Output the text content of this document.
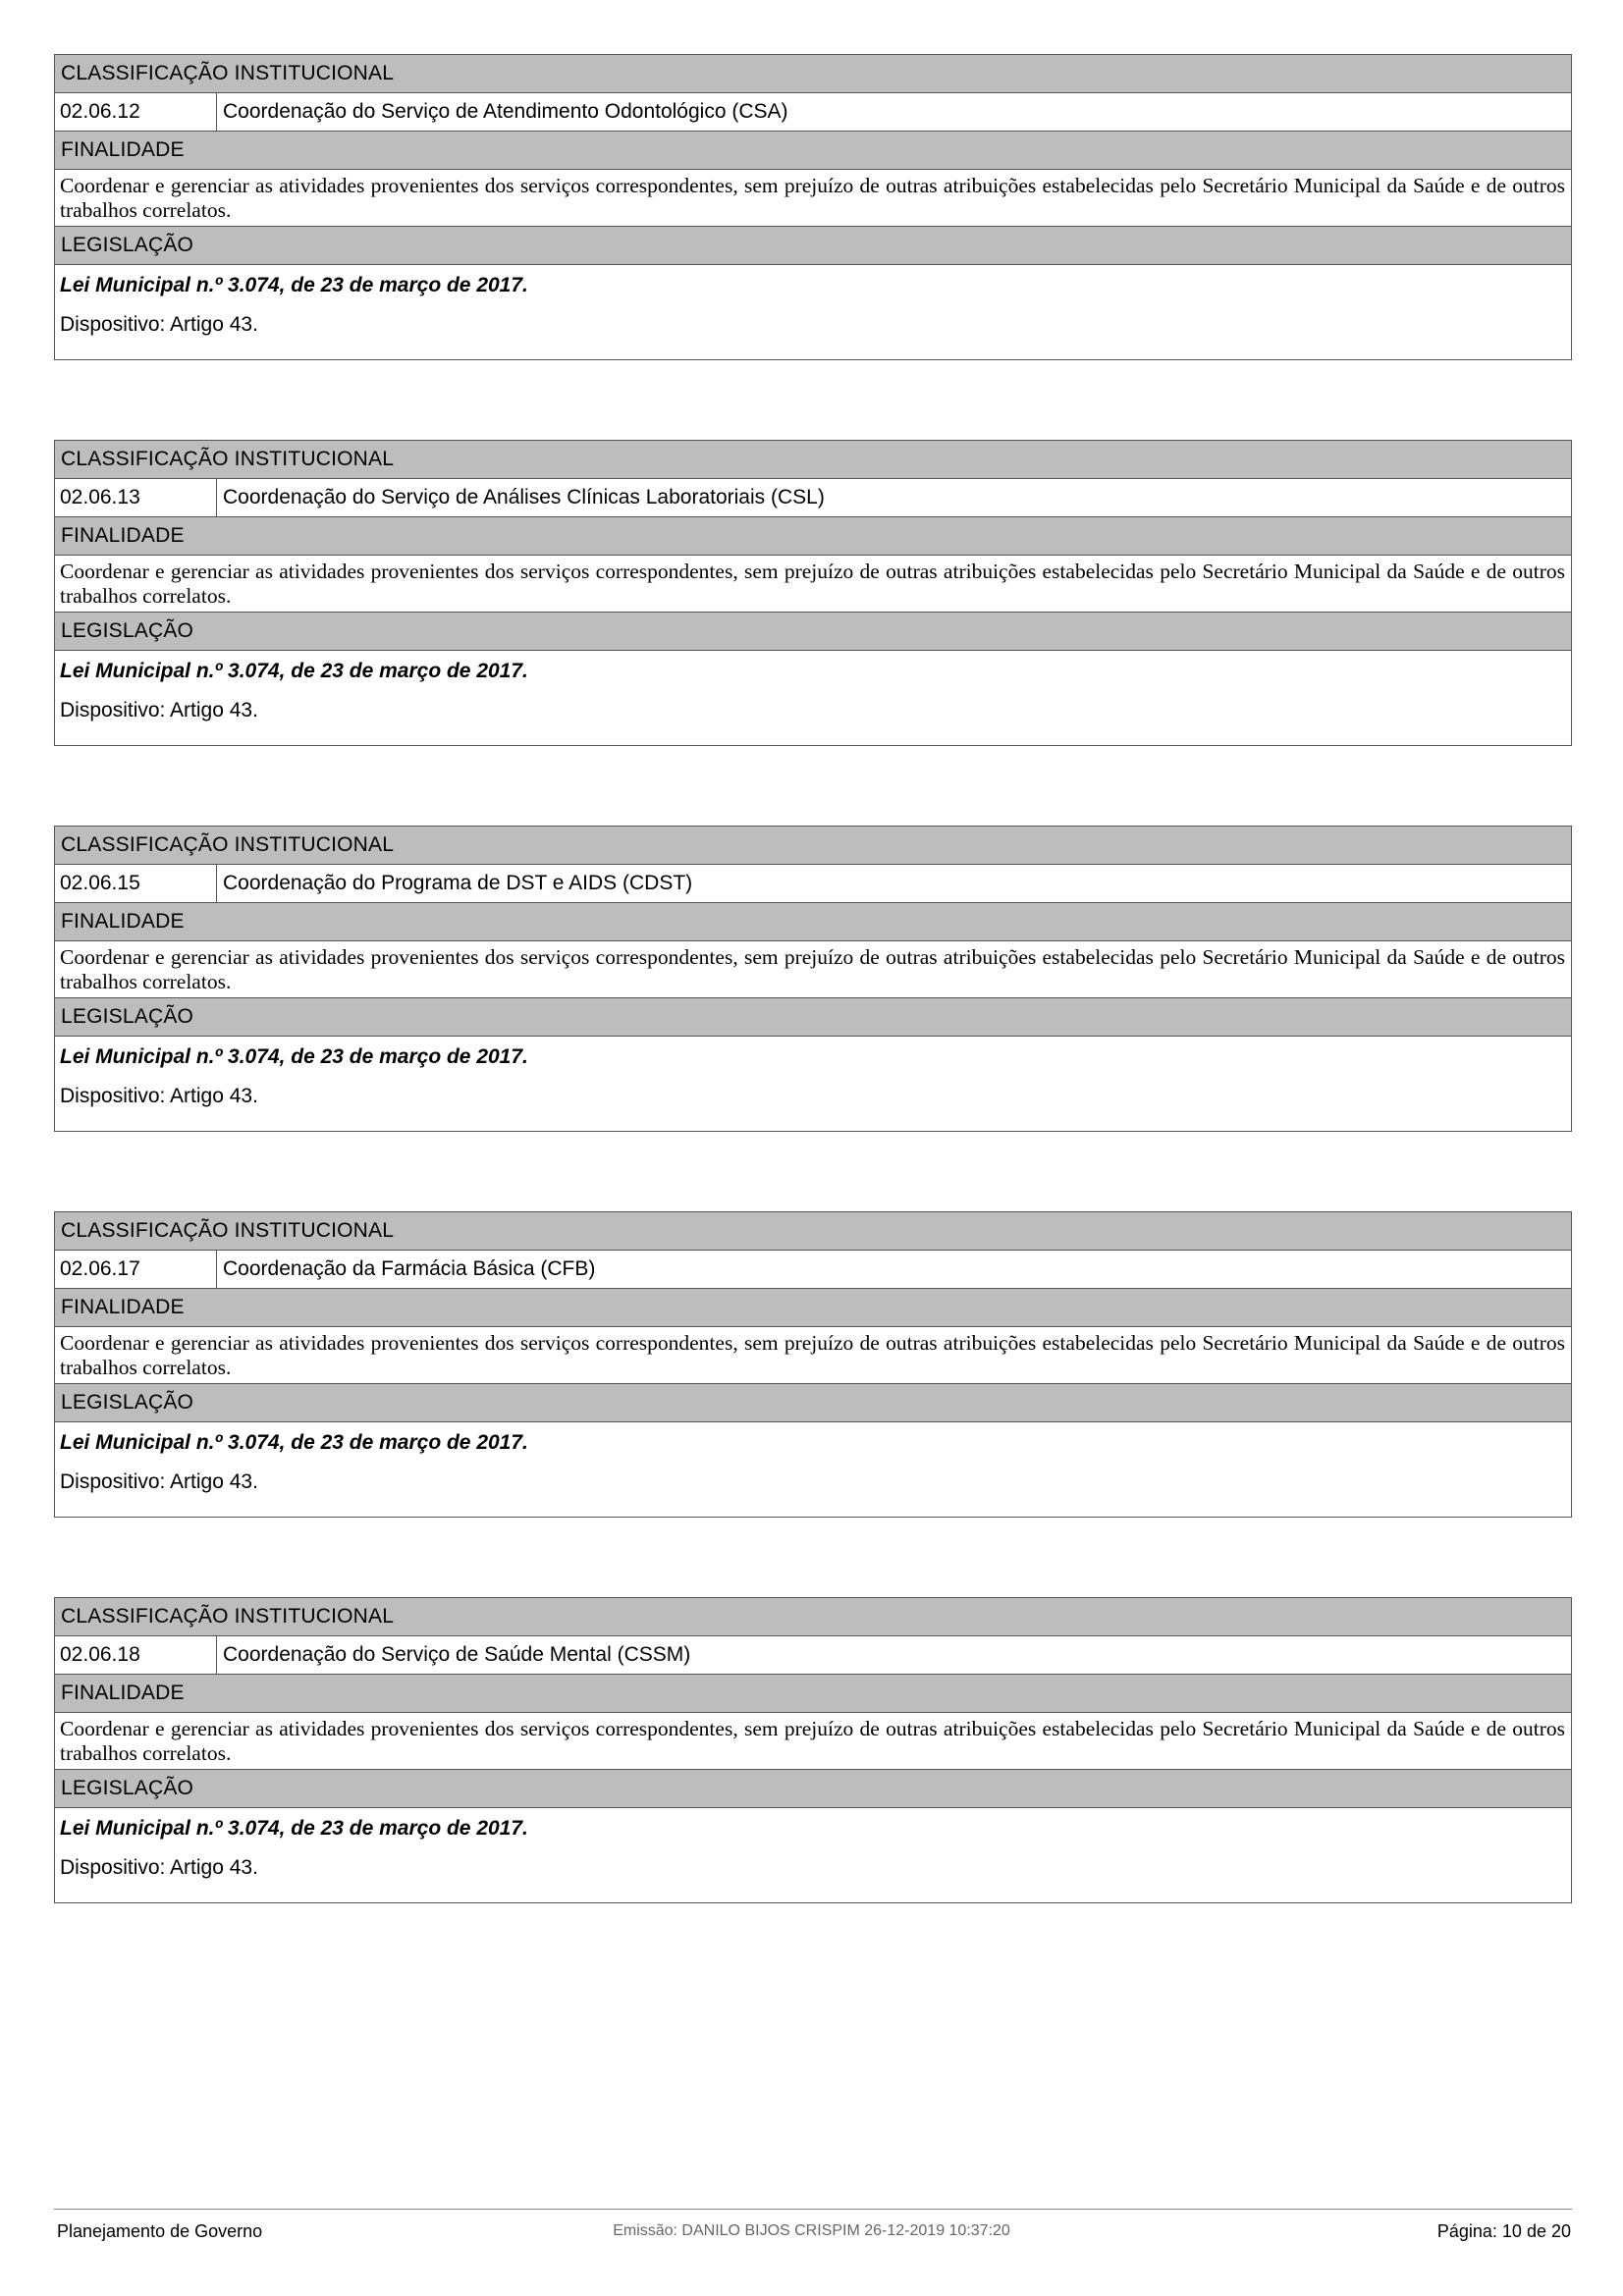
CLASSIFICAÇÃO INSTITUCIONAL
02.06.12	Coordenação do Serviço de Atendimento Odontológico (CSA)
FINALIDADE
Coordenar e gerenciar as atividades provenientes dos serviços correspondentes, sem prejuízo de outras atribuições estabelecidas pelo Secretário Municipal da Saúde e de outros trabalhos correlatos.
LEGISLAÇÃO
Lei Municipal n.º 3.074, de 23 de março de 2017.
Dispositivo: Artigo 43.
CLASSIFICAÇÃO INSTITUCIONAL
02.06.13	Coordenação do Serviço de Análises Clínicas Laboratoriais (CSL)
FINALIDADE
Coordenar e gerenciar as atividades provenientes dos serviços correspondentes, sem prejuízo de outras atribuições estabelecidas pelo Secretário Municipal da Saúde e de outros trabalhos correlatos.
LEGISLAÇÃO
Lei Municipal n.º 3.074, de 23 de março de 2017.
Dispositivo: Artigo 43.
CLASSIFICAÇÃO INSTITUCIONAL
02.06.15	Coordenação do Programa de DST e AIDS (CDST)
FINALIDADE
Coordenar e gerenciar as atividades provenientes dos serviços correspondentes, sem prejuízo de outras atribuições estabelecidas pelo Secretário Municipal da Saúde e de outros trabalhos correlatos.
LEGISLAÇÃO
Lei Municipal n.º 3.074, de 23 de março de 2017.
Dispositivo: Artigo 43.
CLASSIFICAÇÃO INSTITUCIONAL
02.06.17	Coordenação da Farmácia Básica (CFB)
FINALIDADE
Coordenar e gerenciar as atividades provenientes dos serviços correspondentes, sem prejuízo de outras atribuições estabelecidas pelo Secretário Municipal da Saúde e de outros trabalhos correlatos.
LEGISLAÇÃO
Lei Municipal n.º 3.074, de 23 de março de 2017.
Dispositivo: Artigo 43.
CLASSIFICAÇÃO INSTITUCIONAL
02.06.18	Coordenação do Serviço de Saúde Mental (CSSM)
FINALIDADE
Coordenar e gerenciar as atividades provenientes dos serviços correspondentes, sem prejuízo de outras atribuições estabelecidas pelo Secretário Municipal da Saúde e de outros trabalhos correlatos.
LEGISLAÇÃO
Lei Municipal n.º 3.074, de 23 de março de 2017.
Dispositivo: Artigo 43.
Planejamento de Governo	Emissão: DANILO BIJOS CRISPIM 26-12-2019 10:37:20	Página: 10 de 20
